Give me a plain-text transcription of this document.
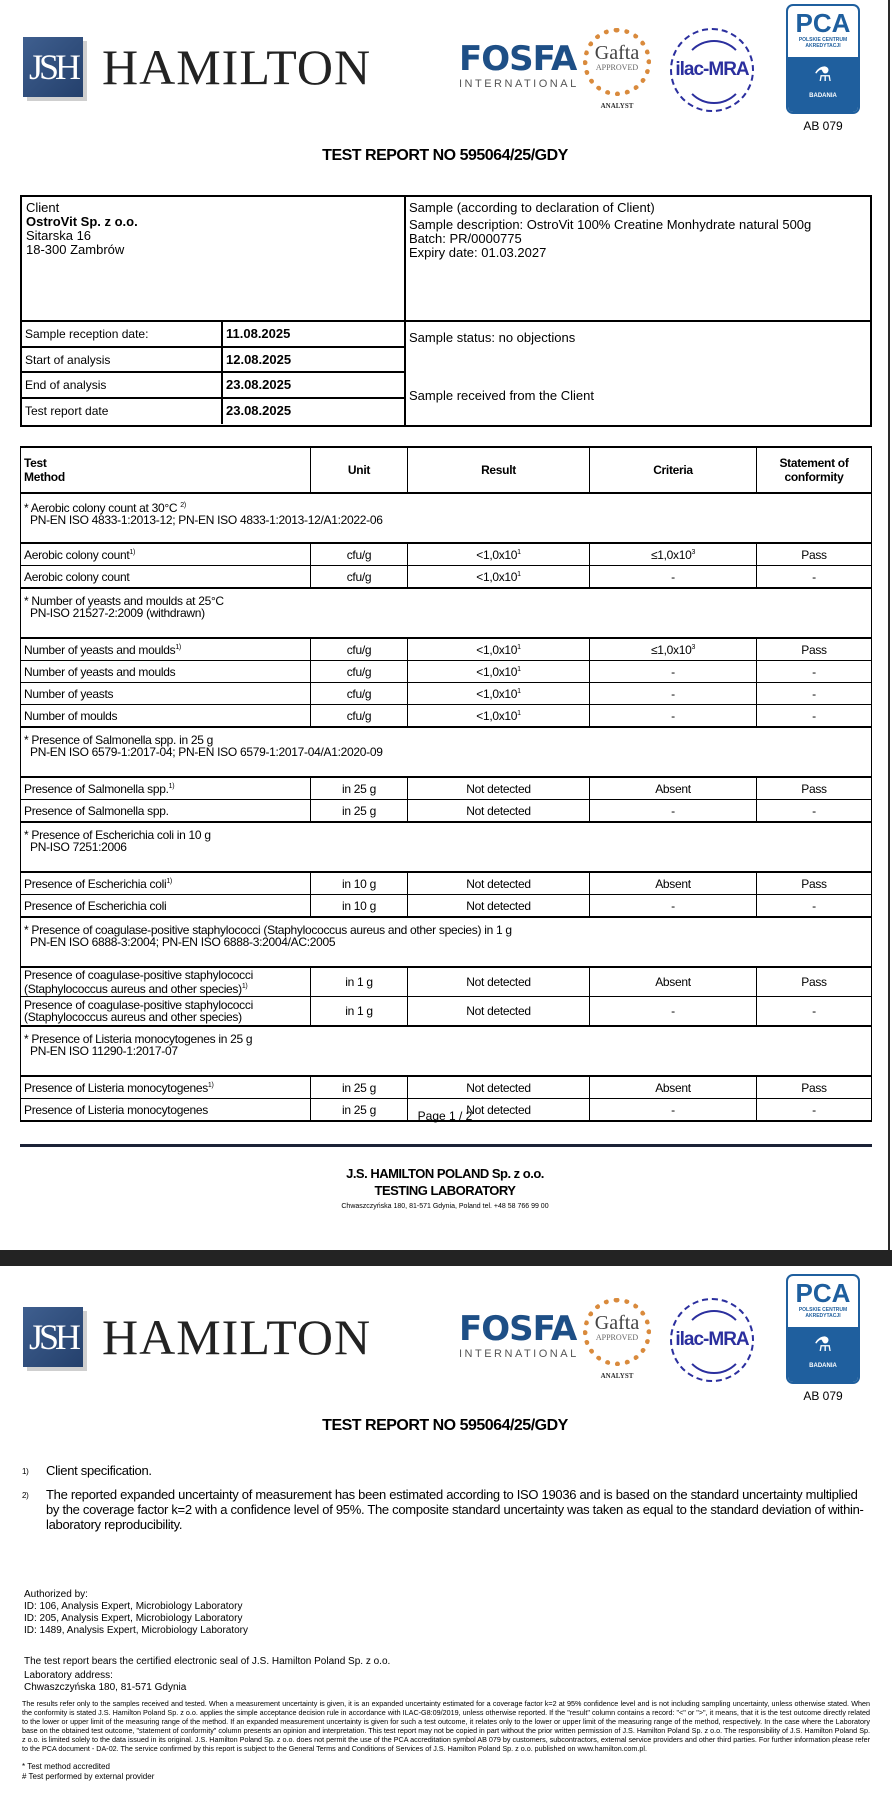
JSH HAMILTON	FOSFA
INTERNATIONAL
Gafta
APPROVED
ANALYST
ilac-MRA
PCA
POLSKIE CENTRUM
AKREDYTACJI
⚗
BADANIA
AB 079
TEST REPORT NO 595064/25/GDY
Client
OstroVit Sp. z o.o.
Sitarska 16
18-300 Zambrów
Sample (according to declaration of Client)
Sample description: OstroVit 100% Creatine Monhydrate natural 500g
Batch: PR/0000775
Expiry date: 01.03.2027
Sample reception date:	11.08.2025
Start of analysis	12.08.2025
End of analysis	23.08.2025
Test report date	23.08.2025
Sample status: no objections
Sample received from the Client
Test
Method	Unit	Result	Criteria	Statement of
conformity
* Aerobic colony count at 30°C $^{2)}$
PN-EN ISO 4833-1:2013-12; PN-EN ISO 4833-1:2013-12/A1:2022-06				

Aerobic colony count$^{1)}$	cfu/g	$<1,0x10^1$	$\le 1,0x10^3$	Pass
Aerobic colony count	cfu/g	$<1,0x10^1$	-	-
* Number of yeasts and moulds at 25°C
PN-ISO 21527-2:2009 (withdrawn)				

Number of yeasts and moulds$^{1)}$	cfu/g	$<1,0x10^1$	$\le 1,0x10^3$	Pass
Number of yeasts and moulds	cfu/g	$<1,0x10^1$	-	-
Number of yeasts	cfu/g	$<1,0x10^1$	-	-
Number of moulds	cfu/g	$<1,0x10^1$	-	-
* Presence of Salmonella spp. in 25 g
PN-EN ISO 6579-1:2017-04; PN-EN ISO 6579-1:2017-04/A1:2020-09				

Presence of Salmonella spp.$^{1)}$	in 25 g	Not detected	Absent	Pass
Presence of Salmonella spp.	in 25 g	Not detected	-	-
* Presence of Escherichia coli in 10 g
PN-ISO 7251:2006				

Presence of Escherichia coli$^{1)}$	in 10 g	Not detected	Absent	Pass
Presence of Escherichia coli	in 10 g	Not detected	-	-
* Presence of coagulase-positive staphylococci (Staphylococcus aureus and other species) in 1 g
PN-EN ISO 6888-3:2004; PN-EN ISO 6888-3:2004/AC:2005				

Presence of coagulase-positive staphylococci
(Staphylococcus aureus and other species)$^{1)}$	in 1 g	Not detected	Absent	Pass
Presence of coagulase-positive staphylococci
(Staphylococcus aureus and other species)	in 1 g	Not detected	-	-
* Presence of Listeria monocytogenes in 25 g
PN-EN ISO 11290-1:2017-07				

Presence of Listeria monocytogenes$^{1)}$	in 25 g	Not detected	Absent	Pass
Presence of Listeria monocytogenes	in 25 g	Not detected	-	-
Page 1 / 2
J.S. HAMILTON POLAND Sp. z o.o.
TESTING LABORATORY
Chwaszczyńska 180, 81-571 Gdynia, Poland tel. +48 58 766 99 00
JSH HAMILTON	FOSFA
INTERNATIONAL
Gafta
APPROVED
ANALYST
ilac-MRA
PCA
POLSKIE CENTRUM
AKREDYTACJI
⚗
BADANIA
AB 079
TEST REPORT NO 595064/25/GDY
1)	Client specification.
2)	The reported expanded uncertainty of measurement has been estimated according to ISO 19036 and is based on the standard uncertainty multiplied by the coverage factor k=2 with a confidence level of 95%. The composite standard uncertainty was taken as equal to the standard deviation of within-laboratory reproducibility.
Authorized by:
ID: 106, Analysis Expert, Microbiology Laboratory
ID: 205, Analysis Expert, Microbiology Laboratory
ID: 1489, Analysis Expert, Microbiology Laboratory
The test report bears the certified electronic seal of J.S. Hamilton Poland Sp. z o.o.
Laboratory address:
Chwaszczyńska 180, 81-571 Gdynia
The results refer only to the samples received and tested. When a measurement uncertainty is given, it is an expanded uncertainty estimated for a coverage factor k=2 at 95% confidence level and is not including sampling uncertainty, unless otherwise stated. When the conformity is stated J.S. Hamilton Poland Sp. z o.o. applies the simple acceptance decision rule in accordance with ILAC-G8:09/2019, unless otherwise reported. If the "result" column contains a record: "<" or ">", it means, that it is the test outcome directly related to the lower or upper limit of the measuring range of the method. If an expanded measurement uncertainty is given for such a test outcome, it relates only to the lower or upper limit of the measuring range of the method, respectively. In the case where the Laboratory base on the obtained test outcome, "statement of conformity" column presents an opinion and interpretation. This test report may not be copied in part without the prior written permission of J.S. Hamilton Poland Sp. z o.o. The responsibility of J.S. Hamilton Poland Sp. z o.o. is limited solely to the data issued in its original. J.S. Hamilton Poland Sp. z o.o. does not permit the use of the PCA accreditation symbol AB 079 by customers, subcontractors, external service providers and other third parties. For further information please refer to the PCA document - DA-02. The service confirmed by this report is subject to the General Terms and Conditions of Services of J.S. Hamilton Poland Sp. z o.o. published on www.hamilton.com.pl.
* Test method accredited
# Test performed by external provider
